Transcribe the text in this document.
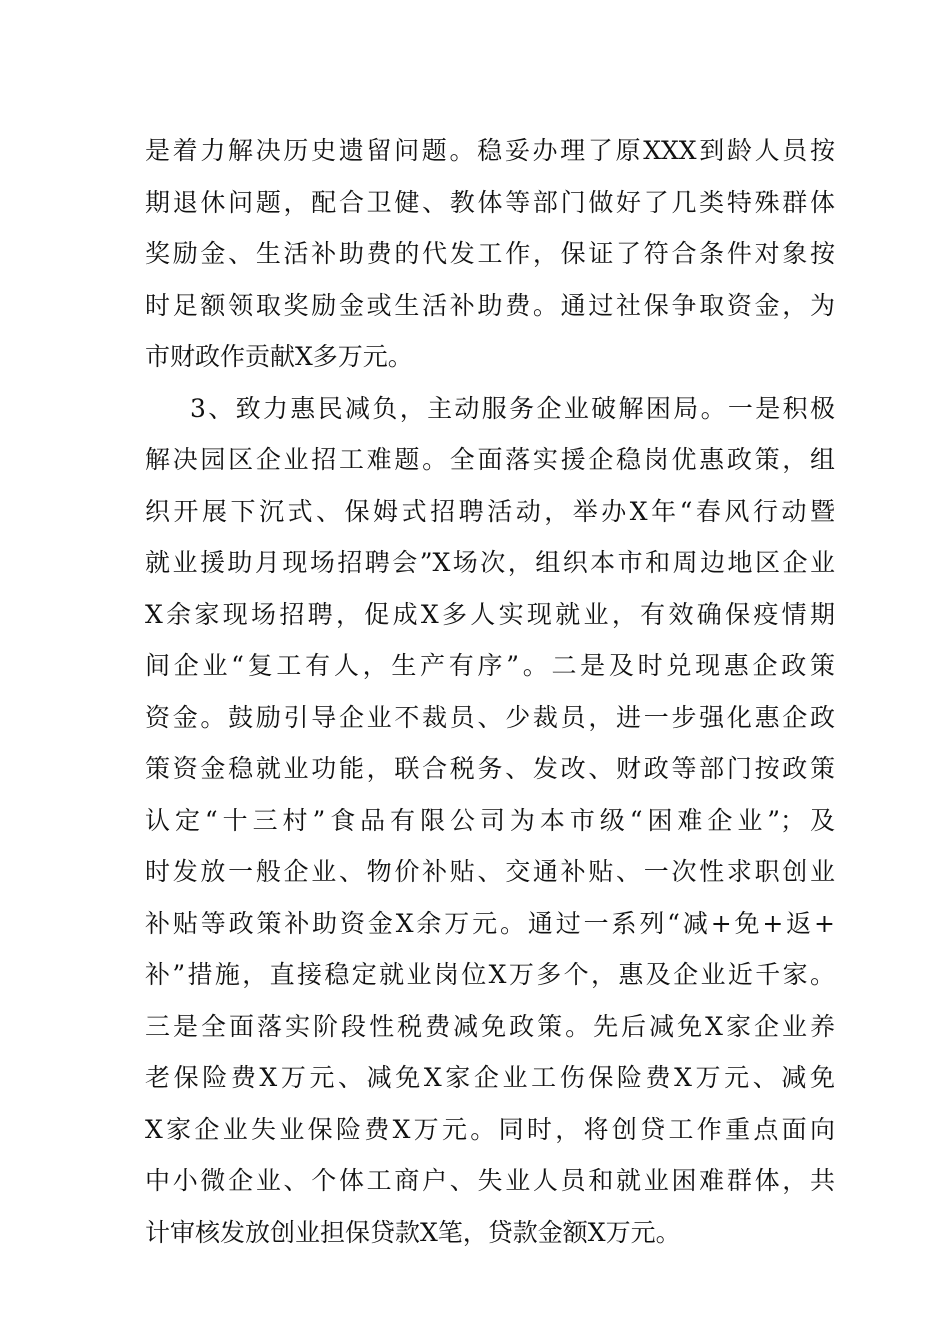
是着力解决历史遗留问题。稳妥办理了原XXX到龄人员按
期退休问题，配合卫健、教体等部门做好了几类特殊群体
奖励金、生活补助费的代发工作，保证了符合条件对象按
时足额领取奖励金或生活补助费。通过社保争取资金，为
市财政作贡献X多万元。
3、致力惠民减负，主动服务企业破解困局。一是积极
解决园区企业招工难题。全面落实援企稳岗优惠政策，组
织开展下沉式、保姆式招聘活动，举办X年“春风行动暨
就业援助月现场招聘会”X场次，组织本市和周边地区企业
X余家现场招聘，促成X多人实现就业，有效确保疫情期
间企业“复工有人，生产有序”。二是及时兑现惠企政策
资金。鼓励引导企业不裁员、少裁员，进一步强化惠企政
策资金稳就业功能，联合税务、发改、财政等部门按政策
认定“十三村”食品有限公司为本市级“困难企业”；及
时发放一般企业、物价补贴、交通补贴、一次性求职创业
补贴等政策补助资金X余万元。通过一系列“减+免+返+
补”措施，直接稳定就业岗位X万多个，惠及企业近千家。
三是全面落实阶段性税费减免政策。先后减免X家企业养
老保险费X万元、减免X家企业工伤保险费X万元、减免
X家企业失业保险费X万元。同时，将创贷工作重点面向
中小微企业、个体工商户、失业人员和就业困难群体，共
计审核发放创业担保贷款X笔，贷款金额X万元。
